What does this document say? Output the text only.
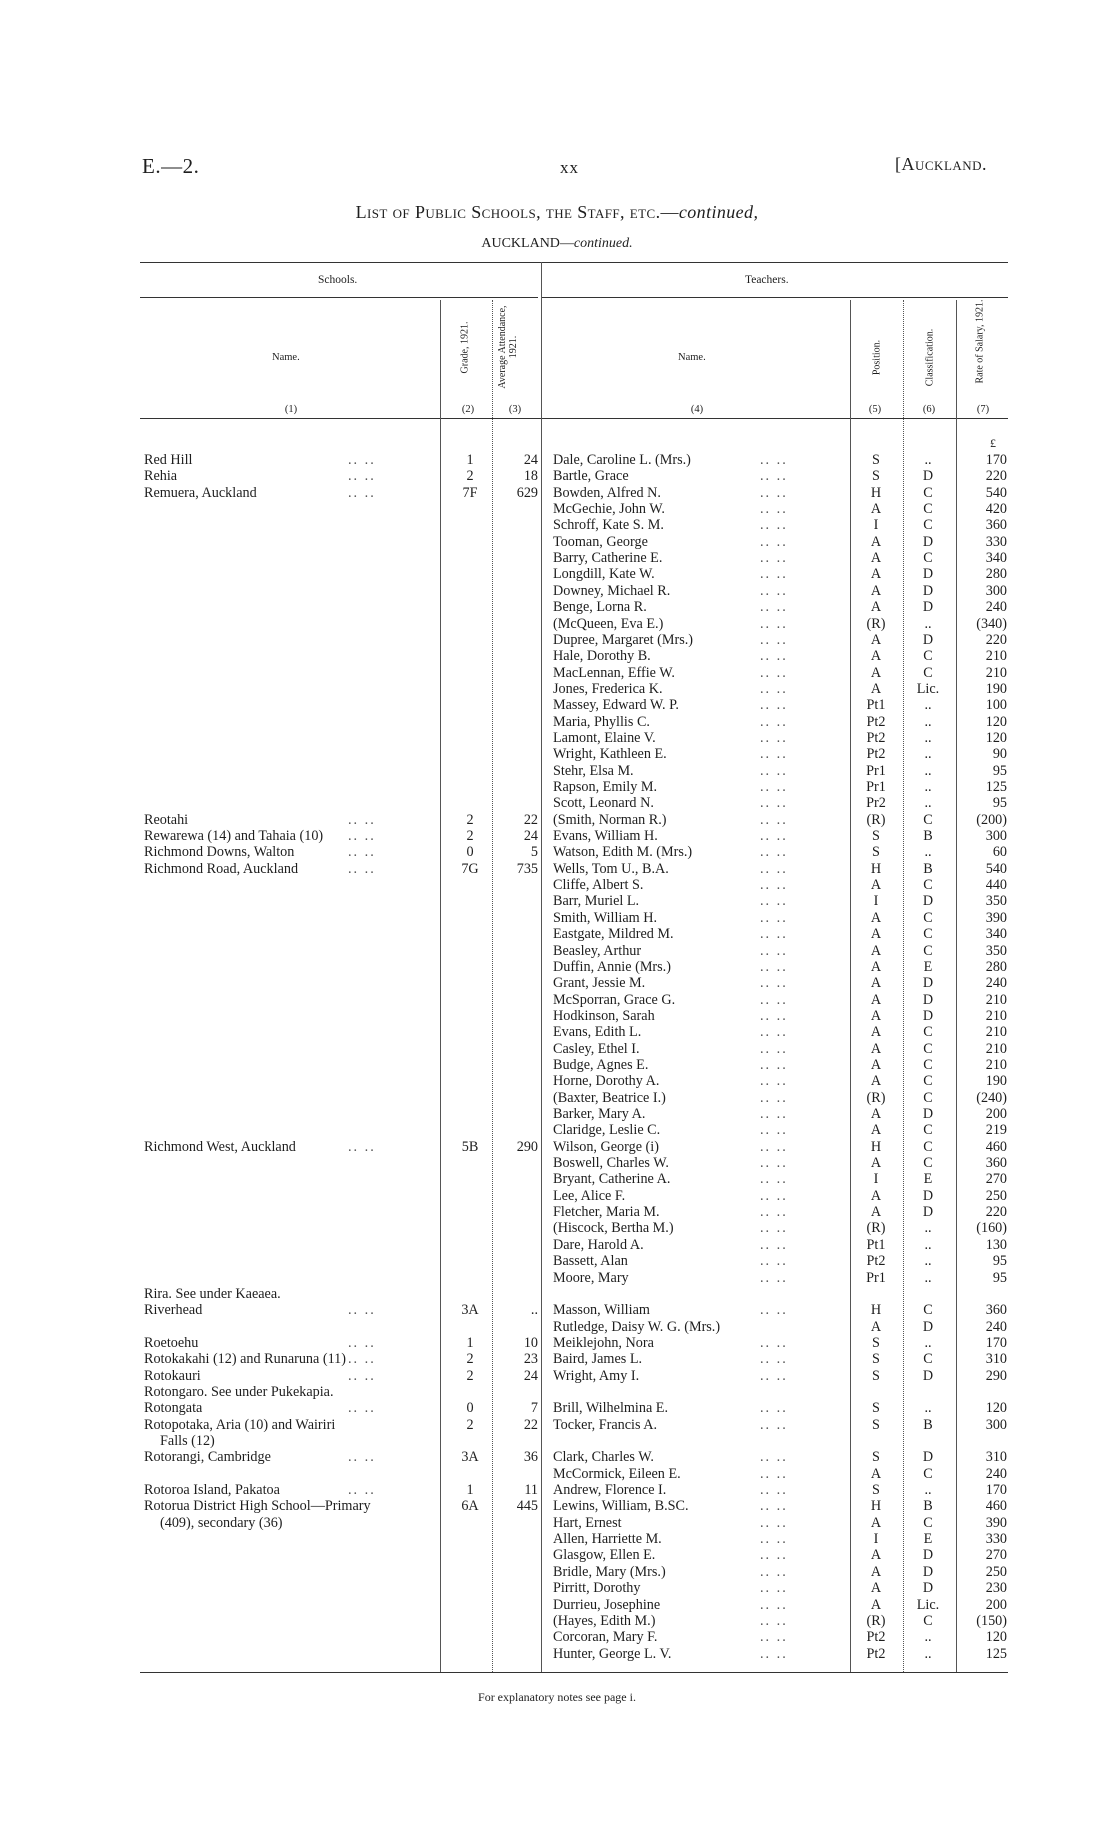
E.—2.	xx	[Auckland.
List of Public Schools, the Staff, etc.—continued,
AUCKLAND—continued.
Schools.	Teachers.
Name.	Grade, 1921.	Average Attendance, 1921.	Name.	Position.	Classification.	Rate of Salary, 1921.
(1)	(2)	(3)	(4)	(5)	(6)	(7)
£
Red Hill	.. ..	1	24 Dale, Caroline L. (Mrs.)	.. ..	S	..	170
Rehia	.. ..	2	18 Bartle, Grace	.. ..	S	D	220
Remuera, Auckland	.. ..	7F	629 Bowden, Alfred N.	.. ..	H	C	540
McGechie, John W.	.. ..	A	C	420
Schroff, Kate S. M.	.. ..	I	C	360
Tooman, George	.. ..	A	D	330
Barry, Catherine E.	.. ..	A	C	340
Longdill, Kate W.	.. ..	A	D	280
Downey, Michael R.	.. ..	A	D	300
Benge, Lorna R.	.. ..	A	D	240
(McQueen, Eva E.)	.. ..	(R)	..	(340)
Dupree, Margaret (Mrs.)	.. ..	A	D	220
Hale, Dorothy B.	.. ..	A	C	210
MacLennan, Effie W.	.. ..	A	C	210
Jones, Frederica K.	.. ..	A	Lic.	190
Massey, Edward W. P.	.. ..	Pt1	..	100
Maria, Phyllis C.	.. ..	Pt2	..	120
Lamont, Elaine V.	.. ..	Pt2	..	120
Wright, Kathleen E.	.. ..	Pt2	..	90
Stehr, Elsa M.	.. ..	Pr1	..	95
Rapson, Emily M.	.. ..	Pr1	..	125
Scott, Leonard N.	.. ..	Pr2	..	95
Reotahi	.. ..	2	22 (Smith, Norman R.)	.. ..	(R)	C	(200)
Rewarewa (14) and Tahaia (10) .. ..	2	24 Evans, William H.	.. ..	S	B	300
Richmond Downs, Walton	.. ..	0	5 Watson, Edith M. (Mrs.)	.. ..	S	..	60
Richmond Road, Auckland	.. ..	7G	735 Wells, Tom U., B.A.	.. ..	H	B	540
Cliffe, Albert S.	.. ..	A	C	440
Barr, Muriel L.	.. ..	I	D	350
Smith, William H.	.. ..	A	C	390
Eastgate, Mildred M.	.. ..	A	C	340
Beasley, Arthur	.. ..	A	C	350
Duffin, Annie (Mrs.)	.. ..	A	E	280
Grant, Jessie M.	.. ..	A	D	240
McSporran, Grace G.	.. ..	A	D	210
Hodkinson, Sarah	.. ..	A	D	210
Evans, Edith L.	.. ..	A	C	210
Casley, Ethel I.	.. ..	A	C	210
Budge, Agnes E.	.. ..	A	C	210
Horne, Dorothy A.	.. ..	A	C	190
(Baxter, Beatrice I.)	.. ..	(R)	C	(240)
Barker, Mary A.	.. ..	A	D	200
Claridge, Leslie C.	.. ..	A	C	219
Richmond West, Auckland	.. ..	5B	290 Wilson, George (i)	.. ..	H	C	460
Boswell, Charles W.	.. ..	A	C	360
Bryant, Catherine A.	.. ..	I	E	270
Lee, Alice F.	.. ..	A	D	250
Fletcher, Maria M.	.. ..	A	D	220
(Hiscock, Bertha M.)	.. ..	(R)	..	(160)
Dare, Harold A.	.. ..	Pt1	..	130
Bassett, Alan	.. ..	Pt2	..	95
Moore, Mary	.. ..	Pr1	..	95
Rira. See under Kaeaea.
Riverhead	.. ..	3A	.. Masson, William	.. ..	H	C	360
Rutledge, Daisy W. G. (Mrs.)	A	D	240
Roetoehu	.. ..	1	10 Meiklejohn, Nora	.. ..	S	..	170
Rotokakahi (12) and Runaruna (11) .. ..	2	23 Baird, James L.	.. ..	S	C	310
Rotokauri	.. ..	2	24 Wright, Amy I.	.. ..	S	D	290
Rotongaro. See under Pukekapia.
Rotongata	.. ..	0	7 Brill, Wilhelmina E.	.. ..	S	..	120
Rotopotaka, Aria (10) and Wairiri	2	22 Tocker, Francis A.	.. ..	S	B	300
Falls (12)
Rotorangi, Cambridge	.. ..	3A	36 Clark, Charles W.	.. ..	S	D	310
McCormick, Eileen E.	.. ..	A	C	240
Rotoroa Island, Pakatoa	.. ..	1	11 Andrew, Florence I.	.. ..	S	..	170
Rotorua District High School—Primary	6A	445 Lewins, William, B.SC.	.. ..	H	B	460
(409), secondary (36)	Hart, Ernest	.. ..	A	C	390
Allen, Harriette M.	.. ..	I	E	330
Glasgow, Ellen E.	.. ..	A	D	270
Bridle, Mary (Mrs.)	.. ..	A	D	250
Pirritt, Dorothy	.. ..	A	D	230
Durrieu, Josephine	.. ..	A	Lic.	200
(Hayes, Edith M.)	.. ..	(R)	C	(150)
Corcoran, Mary F.	.. ..	Pt2	..	120
Hunter, George L. V.	.. ..	Pt2	..	125
For explanatory notes see page i.
